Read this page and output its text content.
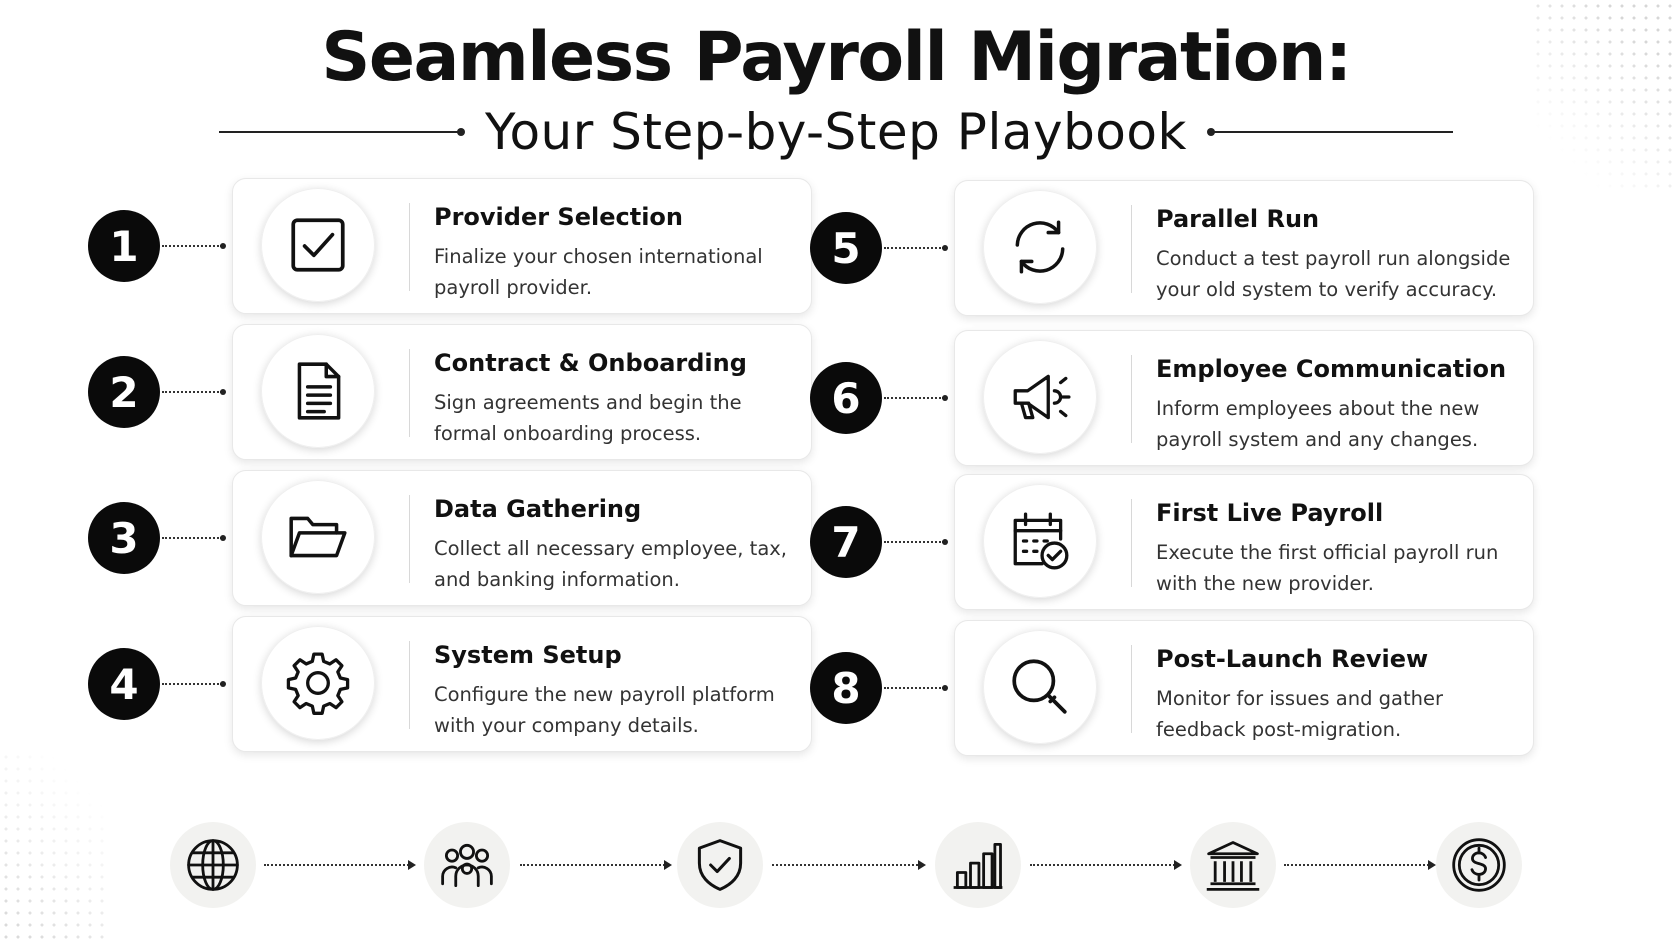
Seamless Payroll Migration:
Your Step-by-Step Playbook
1
Provider Selection

Finalize your chosen international payroll provider.

2
Contract & Onboarding

Sign agreements and begin the formal onboarding process.

3
Data Gathering

Collect all necessary employee, tax, and banking information.

4
System Setup

Configure the new payroll platform with your company details.

5
Parallel Run

Conduct a test payroll run alongside your old system to verify accuracy.

6
Employee Communication

Inform employees about the new payroll system and any changes.

7
First Live Payroll

Execute the first official payroll run with the new provider.

8
Post-Launch Review

Monitor for issues and gather feedback post-migration.
